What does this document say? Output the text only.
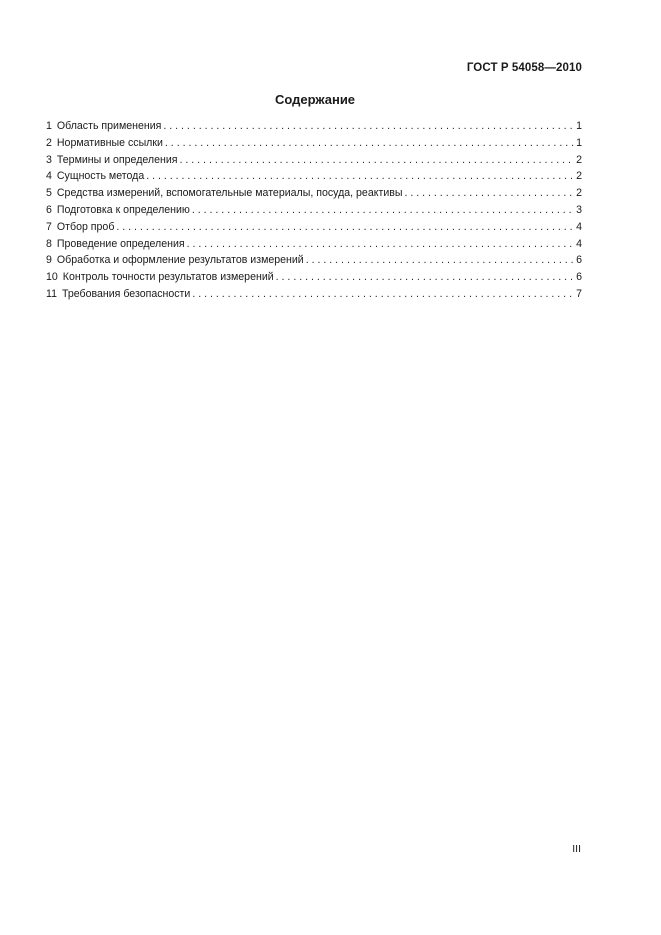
ГОСТ Р 54058—2010
Содержание
1 Область применения . . .	1
2 Нормативные ссылки . . .	1
3 Термины и определения . . .	2
4 Сущность метода . . .	2
5 Средства измерений, вспомогательные материалы, посуда, реактивы . . .	2
6 Подготовка к определению . . .	3
7 Отбор проб . . .	4
8 Проведение определения . . .	4
9 Обработка и оформление результатов измерений . . .	6
10 Контроль точности результатов измерений . . .	6
11 Требования безопасности . . .	7
III
